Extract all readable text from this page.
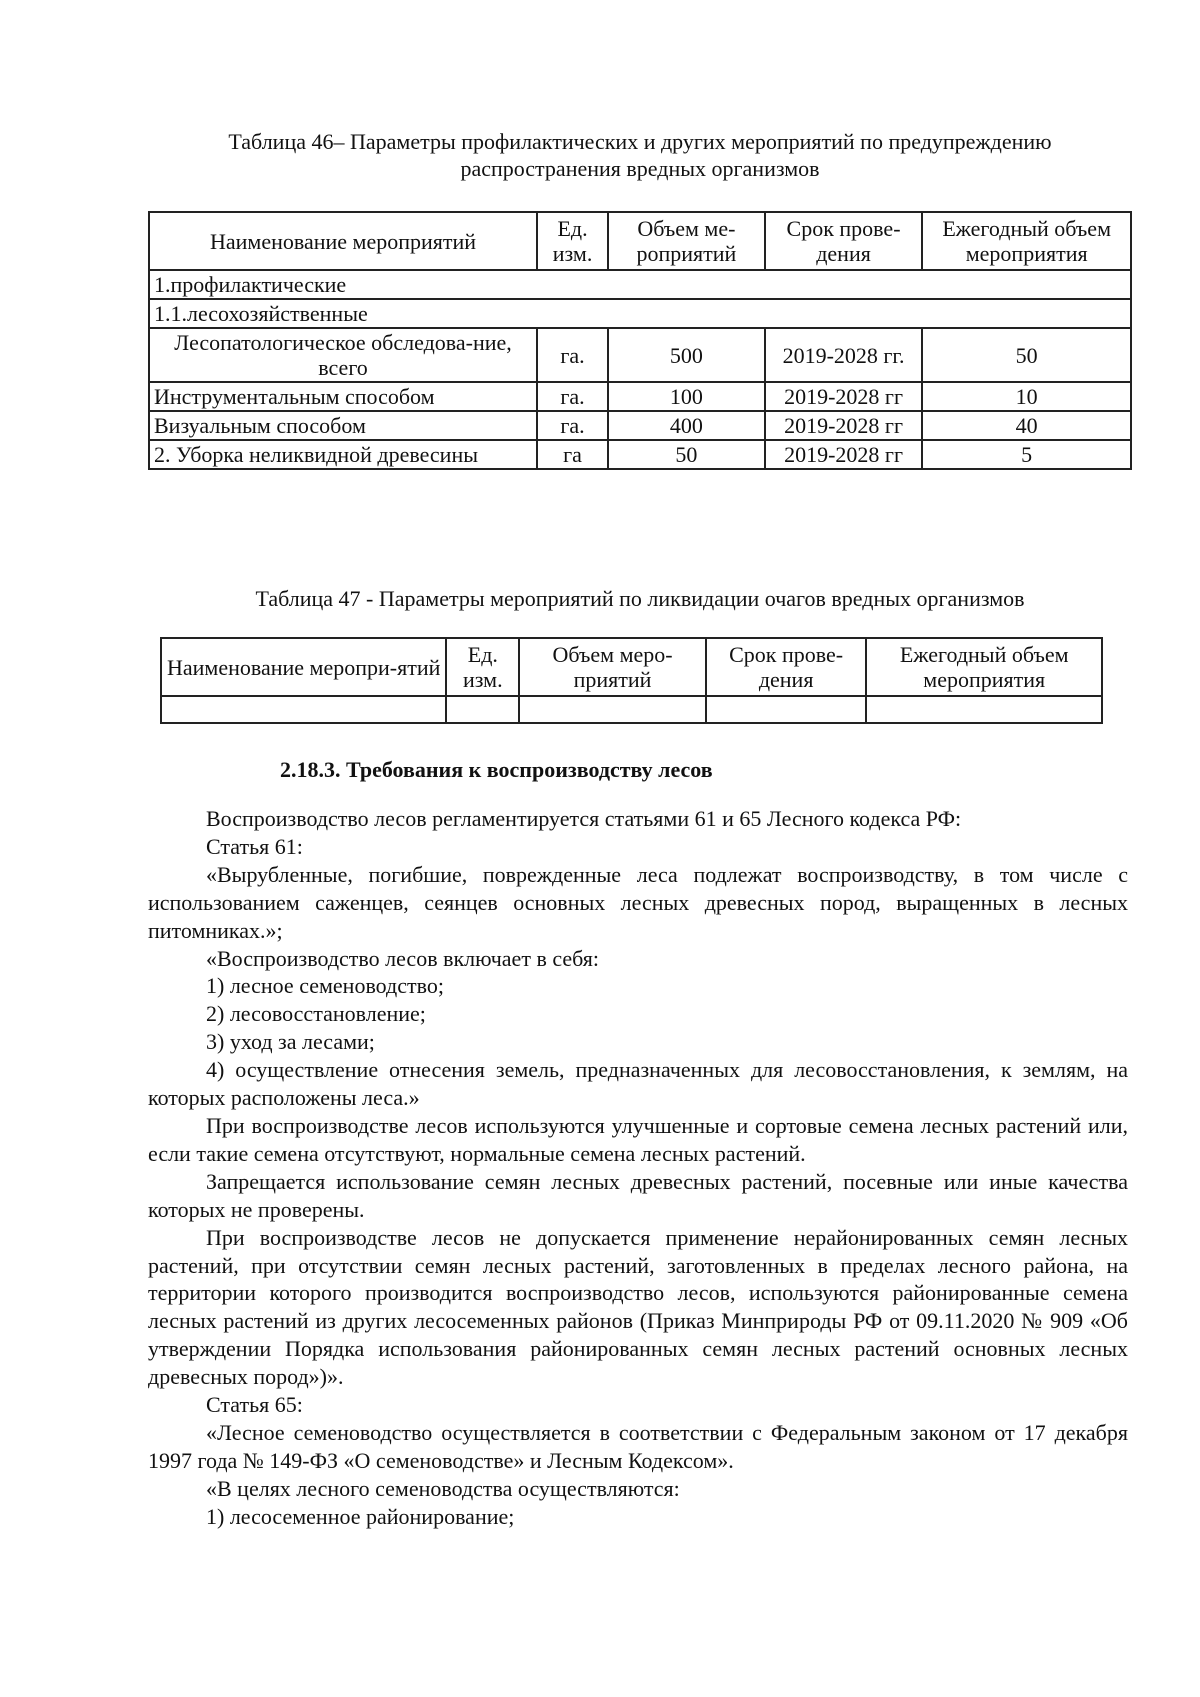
Таблица 46– Параметры профилактических и других мероприятий по предупреждению
распространения вредных организмов
Наименование мероприятий	Ед. изм.	Объем ме-роприятий	Срок прове-дения	Ежегодный объем мероприятия
1.профилактические				
1.1.лесохозяйственные				
Лесопатологическое обследова-ние, всего	га.	500	2019-2028 гг.	50
Инструментальным способом	га.	100	2019-2028 гг	10
Визуальным способом	га.	400	2019-2028 гг	40
2. Уборка неликвидной древесины	га	50	2019-2028 гг	5
Таблица 47 - Параметры мероприятий по ликвидации очагов вредных организмов
Наименование меропри-ятий	Ед. изм.	Объем меро-приятий	Срок прове-дения	Ежегодный объем мероприятия

2.18.3. Требования к воспроизводству лесов

Воспроизводство лесов регламентируется статьями 61 и 65 Лесного кодекса РФ:

Статья 61:

«Вырубленные, погибшие, поврежденные леса подлежат воспроизводству, в том числе с использованием саженцев, сеянцев основных лесных древесных пород, выращенных в лесных питомниках.»;

«Воспроизводство лесов включает в себя:

1) лесное семеноводство;

2) лесовосстановление;

3) уход за лесами;

4) осуществление отнесения земель, предназначенных для лесовосстановления, к землям, на которых расположены леса.»

При воспроизводстве лесов используются улучшенные и сортовые семена лесных растений или, если такие семена отсутствуют, нормальные семена лесных растений.

Запрещается использование семян лесных древесных растений, посевные или иные качества которых не проверены.

При воспроизводстве лесов не допускается применение нерайонированных семян лесных растений, при отсутствии семян лесных растений, заготовленных в пределах лесного района, на территории которого производится воспроизводство лесов, используются районированные семена лесных растений из других лесосеменных районов (Приказ Минприроды РФ от 09.11.2020 № 909 «Об утверждении Порядка использования районированных семян лесных растений основных лесных древесных пород»)».

Статья 65:

«Лесное семеноводство осуществляется в соответствии с Федеральным законом от 17 декабря 1997 года № 149-ФЗ «О семеноводстве» и Лесным Кодексом».

«В целях лесного семеноводства осуществляются:

1) лесосеменное районирование;
